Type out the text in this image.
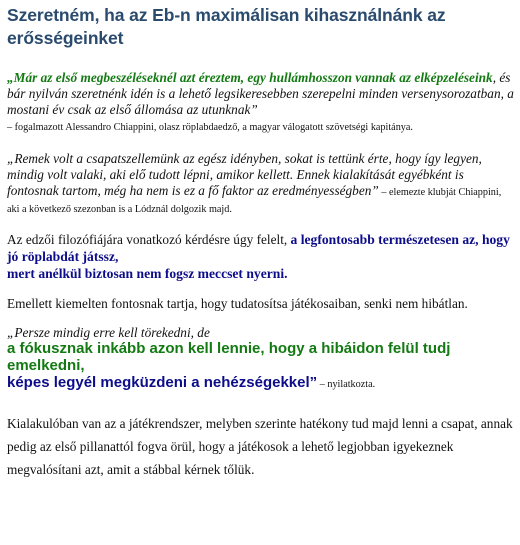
Szeretném, ha az Eb-n maximálisan kihasználnánk az
erősségeinket
„Már az első megbeszéléseknél azt éreztem, egy hullámhosszon vannak az elképzeléseink, és bár nyilván szeretnénk idén is a lehető legsikeresebben szerepelni minden versenysorozatban, a mostani év csak az első állomása az utunknak”
– fogalmazott Alessandro Chiappini, olasz röplabdaedző, a magyar válogatott szövetségi kapitánya.
„Remek volt a csapatszellemünk az egész idényben, sokat is tettünk érte, hogy így legyen, mindig volt valaki, aki elő tudott lépni, amikor kellett. Ennek kialakítását egyébként is fontosnak tartom, még ha nem is ez a fő faktor az eredményességben” – elemezte klubját Chiappini, aki a következő szezonban is a Lódznál dolgozik majd.

Az edzői filozófiájára vonatkozó kérdésre úgy felelt, a legfontosabb természetesen az, hogy jó röplabdát játssz,
mert anélkül biztosan nem fogsz meccset nyerni.

Emellett kiemelten fontosnak tartja, hogy tudatosítsa játékosaiban, senki nem hibátlan.

„Persze mindig erre kell törekedni, de
a fókusznak inkább azon kell lennie, hogy a hibáidon felül tudj
emelkedni,
képes legyél megküzdeni a nehézségekkel” – nyilatkozta.

Kialakulóban van az a játékrendszer, melyben szerinte hatékony tud majd lenni a csapat, annak pedig az első pillanattól fogva örül, hogy a játékosok a lehető legjobban igyekeznek megvalósítani azt, amit a stábbal kérnek tőlük.
